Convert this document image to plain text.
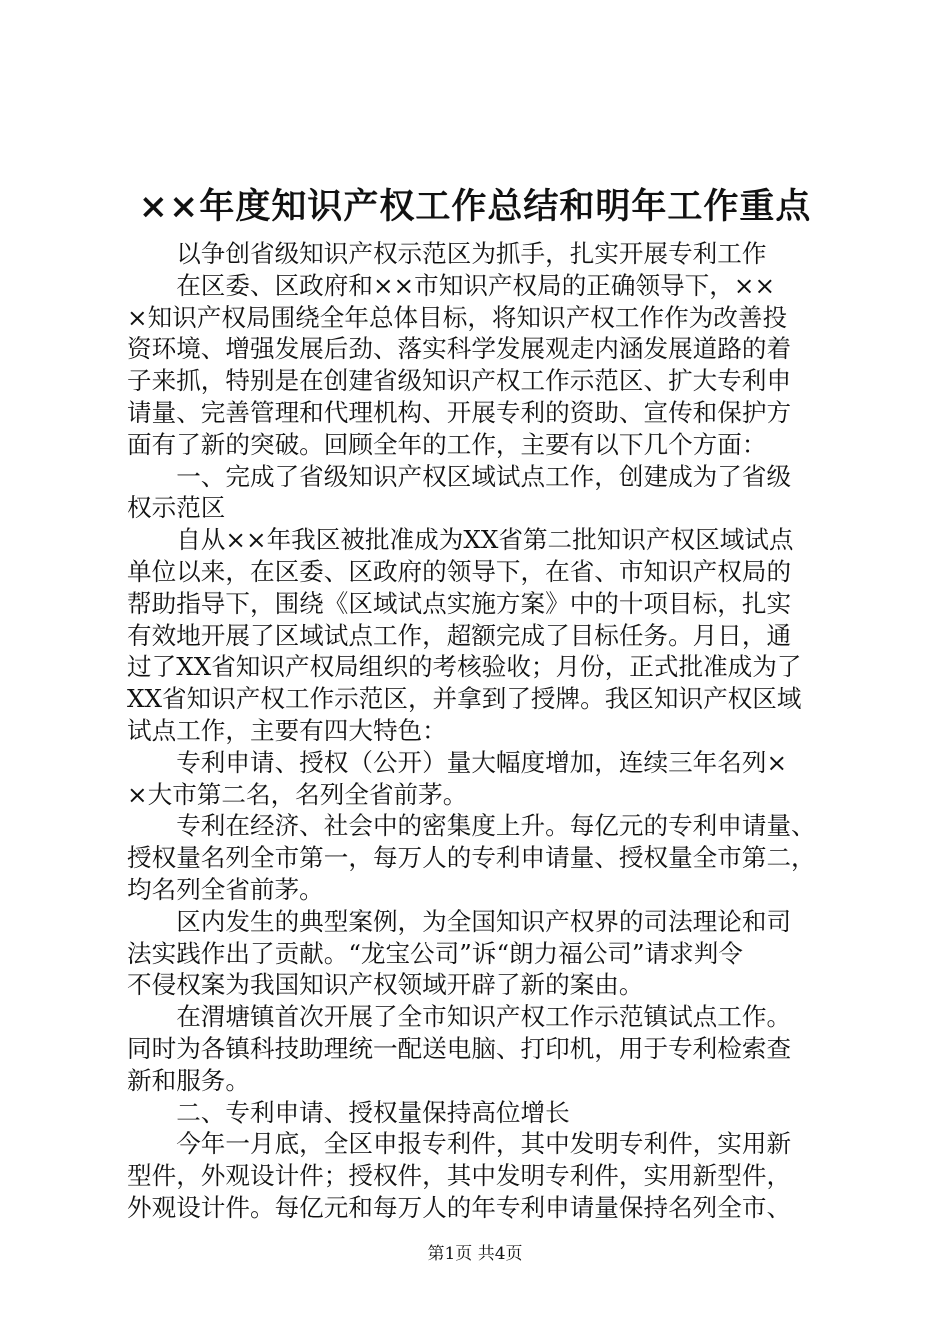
××年度知识产权工作总结和明年工作重点
　　以争创省级知识产权示范区为抓手，扎实开展专利工作
　　在区委、区政府和××市知识产权局的正确领导下，××
×知识产权局围绕全年总体目标，将知识产权工作作为改善投
资环境、增强发展后劲、落实科学发展观走内涵发展道路的着
子来抓，特别是在创建省级知识产权工作示范区、扩大专利申
请量、完善管理和代理机构、开展专利的资助、宣传和保护方
面有了新的突破。回顾全年的工作，主要有以下几个方面：
　　一、完成了省级知识产权区域试点工作，创建成为了省级
权示范区
　　自从××年我区被批准成为XX省第二批知识产权区域试点
单位以来，在区委、区政府的领导下，在省、市知识产权局的
帮助指导下，围绕《区域试点实施方案》中的十项目标，扎实
有效地开展了区域试点工作，超额完成了目标任务。月日，通
过了XX省知识产权局组织的考核验收；月份，正式批准成为了
XX省知识产权工作示范区，并拿到了授牌。我区知识产权区域
试点工作，主要有四大特色：
　　专利申请、授权（公开）量大幅度增加，连续三年名列×
×大市第二名，名列全省前茅。
　　专利在经济、社会中的密集度上升。每亿元的专利申请量、
授权量名列全市第一，每万人的专利申请量、授权量全市第二，
均名列全省前茅。
　　区内发生的典型案例，为全国知识产权界的司法理论和司
法实践作出了贡献。“龙宝公司”诉“朗力福公司”请求判令
不侵权案为我国知识产权领域开辟了新的案由。
　　在渭塘镇首次开展了全市知识产权工作示范镇试点工作。
同时为各镇科技助理统一配送电脑、打印机，用于专利检索查
新和服务。
　　二、专利申请、授权量保持高位增长
　　今年一月底，全区申报专利件，其中发明专利件，实用新
型件，外观设计件；授权件，其中发明专利件，实用新型件，
外观设计件。每亿元和每万人的年专利申请量保持名列全市、
第1页 共4页
